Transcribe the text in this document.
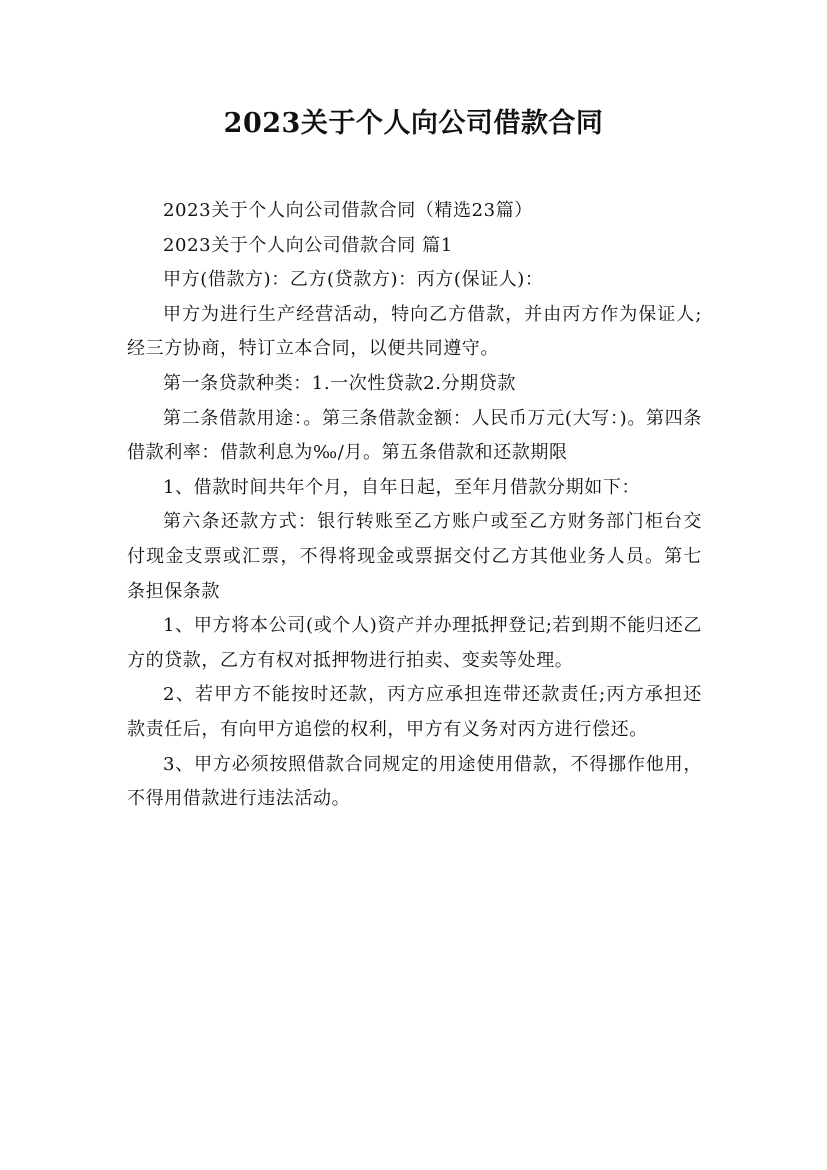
2023关于个人向公司借款合同

2023关于个人向公司借款合同（精选23篇）

2023关于个人向公司借款合同 篇1

甲方(借款方)：乙方(贷款方)：丙方(保证人)：

甲方为进行生产经营活动，特向乙方借款，并由丙方作为保证人;经三方协商，特订立本合同，以便共同遵守。

第一条贷款种类：1.一次性贷款2.分期贷款

第二条借款用途：。第三条借款金额：人民币万元(大写：)。第四条借款利率：借款利息为‰/月。第五条借款和还款期限

1、借款时间共年个月，自年日起，至年月借款分期如下：

第六条还款方式：银行转账至乙方账户或至乙方财务部门柜台交付现金支票或汇票，不得将现金或票据交付乙方其他业务人员。第七条担保条款

1、甲方将本公司(或个人)资产并办理抵押登记;若到期不能归还乙方的贷款，乙方有权对抵押物进行拍卖、变卖等处理。

2、若甲方不能按时还款，丙方应承担连带还款责任;丙方承担还款责任后，有向甲方追偿的权利，甲方有义务对丙方进行偿还。

3、甲方必须按照借款合同规定的用途使用借款，不得挪作他用，不得用借款进行违法活动。
